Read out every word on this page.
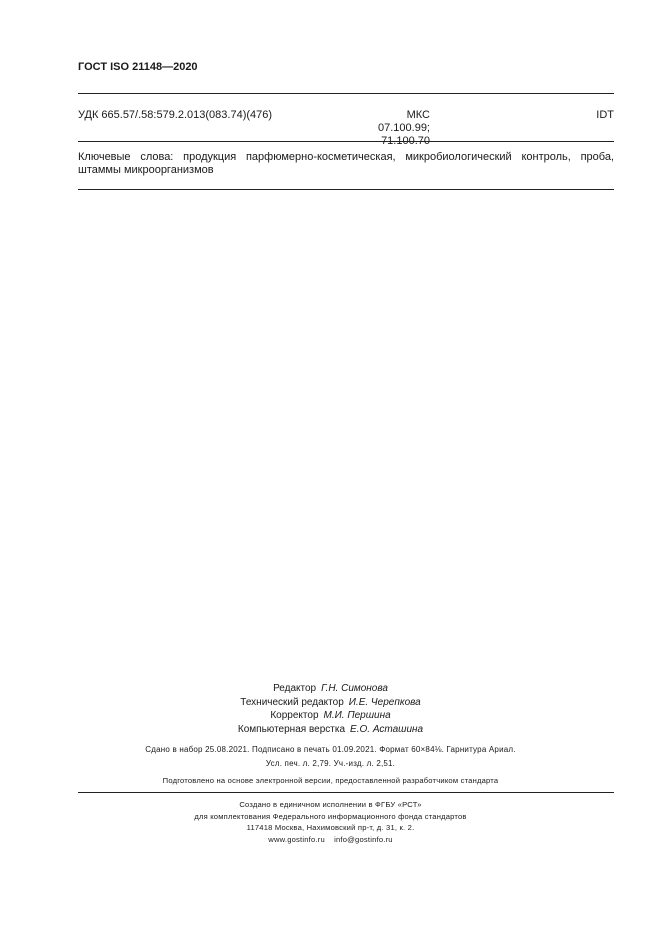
ГОСТ ISO 21148—2020
УДК 665.57/.58:579.2.013(083.74)(476)	МКС 07.100.99;
71.100.70
IDT
Ключевые слова: продукция парфюмерно-косметическая, микробиологический контроль, проба, штаммы микроорганизмов
Редактор Г.Н. Симонова
Технический редактор И.Е. Черепкова
Корректор М.И. Першина
Компьютерная верстка Е.О. Асташина
Сдано в набор 25.08.2021. Подписано в печать 01.09.2021. Формат 60×84⅛. Гарнитура Ариал.
Усл. печ. л. 2,79. Уч.-изд. л. 2,51.
Подготовлено на основе электронной версии, предоставленной разработчиком стандарта
Создано в единичном исполнении в ФГБУ «РСТ»
для комплектования Федерального информационного фонда стандартов
117418 Москва, Нахимовский пр-т, д. 31, к. 2.
www.gostinfo.ru    info@gostinfo.ru
